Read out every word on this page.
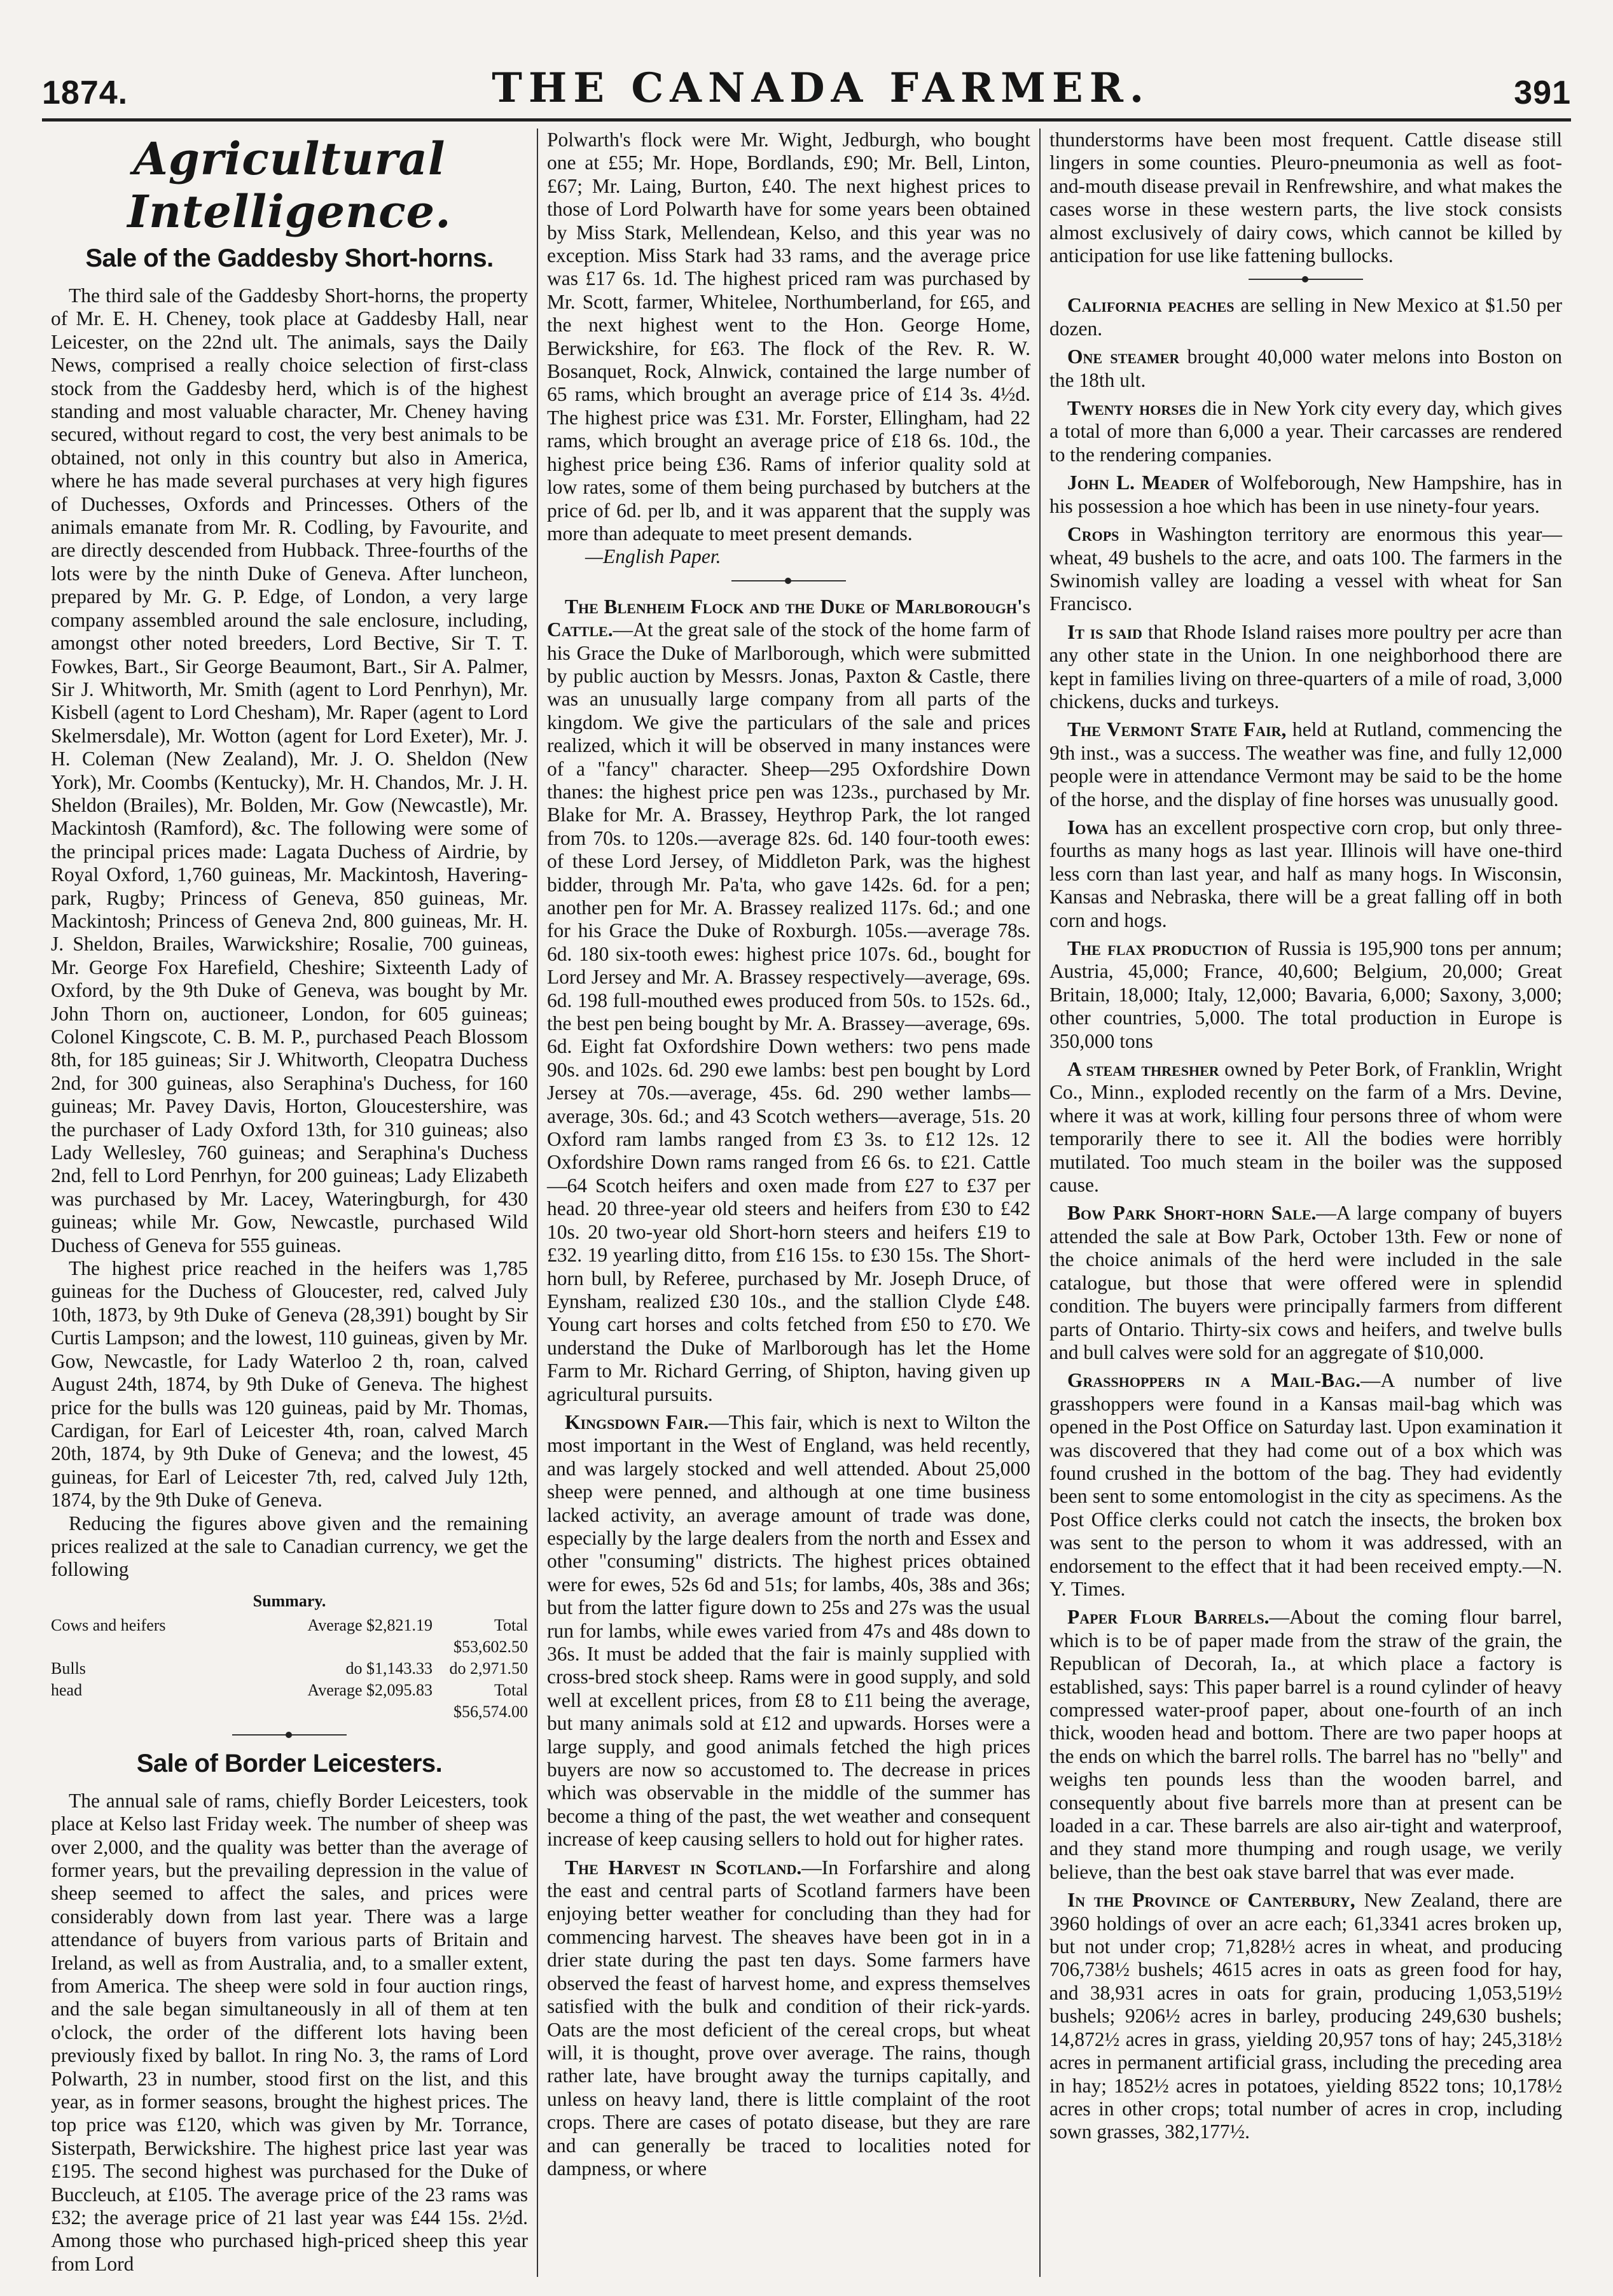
1874.	THE CANADA FARMER.	391
Agricultural Intelligence.
Sale of the Gaddesby Short-horns.

The third sale of the Gaddesby Short-horns, the property of Mr. E. H. Cheney, took place at Gaddesby Hall, near Leicester, on the 22nd ult. The animals, says the Daily News, comprised a really choice selection of first-class stock from the Gaddesby herd, which is of the highest standing and most valuable character, Mr. Cheney having secured, without regard to cost, the very best animals to be obtained, not only in this country but also in America, where he has made several purchases at very high figures of Duchesses, Oxfords and Princesses. Others of the animals emanate from Mr. R. Codling, by Favourite, and are directly descended from Hubback. Three-fourths of the lots were by the ninth Duke of Geneva. After luncheon, prepared by Mr. G. P. Edge, of London, a very large company assembled around the sale enclosure, including, amongst other noted breeders, Lord Bective, Sir T. T. Fowkes, Bart., Sir George Beaumont, Bart., Sir A. Palmer, Sir J. Whitworth, Mr. Smith (agent to Lord Penrhyn), Mr. Kisbell (agent to Lord Chesham), Mr. Raper (agent to Lord Skelmersdale), Mr. Wotton (agent for Lord Exeter), Mr. J. H. Coleman (New Zealand), Mr. J. O. Sheldon (New York), Mr. Coombs (Kentucky), Mr. H. Chandos, Mr. J. H. Sheldon (Brailes), Mr. Bolden, Mr. Gow (Newcastle), Mr. Mackintosh (Ramford), &c. The following were some of the principal prices made: Lagata Duchess of Airdrie, by Royal Oxford, 1,760 guineas, Mr. Mackintosh, Havering-park, Rugby; Princess of Geneva, 850 guineas, Mr. Mackintosh; Princess of Geneva 2nd, 800 guineas, Mr. H. J. Sheldon, Brailes, Warwickshire; Rosalie, 700 guineas, Mr. George Fox Harefield, Cheshire; Sixteenth Lady of Oxford, by the 9th Duke of Geneva, was bought by Mr. John Thorn on, auctioneer, London, for 605 guineas; Colonel Kingscote, C. B. M. P., purchased Peach Blossom 8th, for 185 guineas; Sir J. Whitworth, Cleopatra Duchess 2nd, for 300 guineas, also Seraphina's Duchess, for 160 guineas; Mr. Pavey Davis, Horton, Gloucestershire, was the purchaser of Lady Oxford 13th, for 310 guineas; also Lady Wellesley, 760 guineas; and Seraphina's Duchess 2nd, fell to Lord Penrhyn, for 200 guineas; Lady Elizabeth was purchased by Mr. Lacey, Wateringburgh, for 430 guineas; while Mr. Gow, Newcastle, purchased Wild Duchess of Geneva for 555 guineas.

The highest price reached in the heifers was 1,785 guineas for the Duchess of Gloucester, red, calved July 10th, 1873, by 9th Duke of Geneva (28,391) bought by Sir Curtis Lampson; and the lowest, 110 guineas, given by Mr. Gow, Newcastle, for Lady Waterloo 2 th, roan, calved August 24th, 1874, by 9th Duke of Geneva. The highest price for the bulls was 120 guineas, paid by Mr. Thomas, Cardigan, for Earl of Leicester 4th, roan, calved March 20th, 1874, by 9th Duke of Geneva; and the lowest, 45 guineas, for Earl of Leicester 7th, red, calved July 12th, 1874, by the 9th Duke of Geneva.

Reducing the figures above given and the remaining prices realized at the sale to Canadian currency, we get the following

Summary.
Cows and heifers	Average $2,821.19	Total $53,602.50
Bulls	do $1,143.33	do 2,971.50
head	Average $2,095.83	Total $56,574.00
Sale of Border Leicesters.

The annual sale of rams, chiefly Border Leicesters, took place at Kelso last Friday week. The number of sheep was over 2,000, and the quality was better than the average of former years, but the prevailing depression in the value of sheep seemed to affect the sales, and prices were considerably down from last year. There was a large attendance of buyers from various parts of Britain and Ireland, as well as from Australia, and, to a smaller extent, from America. The sheep were sold in four auction rings, and the sale began simultaneously in all of them at ten o'clock, the order of the different lots having been previously fixed by ballot. In ring No. 3, the rams of Lord Polwarth, 23 in number, stood first on the list, and this year, as in former seasons, brought the highest prices. The top price was £120, which was given by Mr. Torrance, Sisterpath, Berwickshire. The highest price last year was £195. The second highest was purchased for the Duke of Buccleuch, at £105. The average price of the 23 rams was £32; the average price of 21 last year was £44 15s. 2½d. Among those who purchased high-priced sheep this year from Lord

Polwarth's flock were Mr. Wight, Jedburgh, who bought one at £55; Mr. Hope, Bordlands, £90; Mr. Bell, Linton, £67; Mr. Laing, Burton, £40. The next highest prices to those of Lord Polwarth have for some years been obtained by Miss Stark, Mellendean, Kelso, and this year was no exception. Miss Stark had 33 rams, and the average price was £17 6s. 1d. The highest priced ram was purchased by Mr. Scott, farmer, Whitelee, Northumberland, for £65, and the next highest went to the Hon. George Home, Berwickshire, for £63. The flock of the Rev. R. W. Bosanquet, Rock, Alnwick, contained the large number of 65 rams, which brought an average price of £14 3s. 4½d. The highest price was £31. Mr. Forster, Ellingham, had 22 rams, which brought an average price of £18 6s. 10d., the highest price being £36. Rams of inferior quality sold at low rates, some of them being purchased by butchers at the price of 6d. per lb, and it was apparent that the supply was more than adequate to meet present demands.

—English Paper.

The Blenheim Flock and the Duke of Marlborough's Cattle.—At the great sale of the stock of the home farm of his Grace the Duke of Marlborough, which were submitted by public auction by Messrs. Jonas, Paxton & Castle, there was an unusually large company from all parts of the kingdom. We give the particulars of the sale and prices realized, which it will be observed in many instances were of a "fancy" character. Sheep—295 Oxfordshire Down thanes: the highest price pen was 123s., purchased by Mr. Blake for Mr. A. Brassey, Heythrop Park, the lot ranged from 70s. to 120s.—average 82s. 6d. 140 four-tooth ewes: of these Lord Jersey, of Middleton Park, was the highest bidder, through Mr. Pa'ta, who gave 142s. 6d. for a pen; another pen for Mr. A. Brassey realized 117s. 6d.; and one for his Grace the Duke of Roxburgh. 105s.—average 78s. 6d. 180 six-tooth ewes: highest price 107s. 6d., bought for Lord Jersey and Mr. A. Brassey respectively—average, 69s. 6d. 198 full-mouthed ewes produced from 50s. to 152s. 6d., the best pen being bought by Mr. A. Brassey—average, 69s. 6d. Eight fat Oxfordshire Down wethers: two pens made 90s. and 102s. 6d. 290 ewe lambs: best pen bought by Lord Jersey at 70s.—average, 45s. 6d. 290 wether lambs—average, 30s. 6d.; and 43 Scotch wethers—average, 51s. 20 Oxford ram lambs ranged from £3 3s. to £12 12s. 12 Oxfordshire Down rams ranged from £6 6s. to £21. Cattle—64 Scotch heifers and oxen made from £27 to £37 per head. 20 three-year old steers and heifers from £30 to £42 10s. 20 two-year old Short-horn steers and heifers £19 to £32. 19 yearling ditto, from £16 15s. to £30 15s. The Short-horn bull, by Referee, purchased by Mr. Joseph Druce, of Eynsham, realized £30 10s., and the stallion Clyde £48. Young cart horses and colts fetched from £50 to £70. We understand the Duke of Marlborough has let the Home Farm to Mr. Richard Gerring, of Shipton, having given up agricultural pursuits.

Kingsdown Fair.—This fair, which is next to Wilton the most important in the West of England, was held recently, and was largely stocked and well attended. About 25,000 sheep were penned, and although at one time business lacked activity, an average amount of trade was done, especially by the large dealers from the north and Essex and other "consuming" districts. The highest prices obtained were for ewes, 52s 6d and 51s; for lambs, 40s, 38s and 36s; but from the latter figure down to 25s and 27s was the usual run for lambs, while ewes varied from 47s and 48s down to 36s. It must be added that the fair is mainly supplied with cross-bred stock sheep. Rams were in good supply, and sold well at excellent prices, from £8 to £11 being the average, but many animals sold at £12 and upwards. Horses were a large supply, and good animals fetched the high prices buyers are now so accustomed to. The decrease in prices which was observable in the middle of the summer has become a thing of the past, the wet weather and consequent increase of keep causing sellers to hold out for higher rates.

The Harvest in Scotland.—In Forfarshire and along the east and central parts of Scotland farmers have been enjoying better weather for concluding than they had for commencing harvest. The sheaves have been got in in a drier state during the past ten days. Some farmers have observed the feast of harvest home, and express themselves satisfied with the bulk and condition of their rick-yards. Oats are the most deficient of the cereal crops, but wheat will, it is thought, prove over average. The rains, though rather late, have brought away the turnips capitally, and unless on heavy land, there is little complaint of the root crops. There are cases of potato disease, but they are rare and can generally be traced to localities noted for dampness, or where

thunderstorms have been most frequent. Cattle disease still lingers in some counties. Pleuro-pneumonia as well as foot-and-mouth disease prevail in Renfrewshire, and what makes the cases worse in these western parts, the live stock consists almost exclusively of dairy cows, which cannot be killed by anticipation for use like fattening bullocks.

California peaches are selling in New Mexico at $1.50 per dozen.

One steamer brought 40,000 water melons into Boston on the 18th ult.

Twenty horses die in New York city every day, which gives a total of more than 6,000 a year. Their carcasses are rendered to the rendering companies.

John L. Meader of Wolfeborough, New Hampshire, has in his possession a hoe which has been in use ninety-four years.

Crops in Washington territory are enormous this year—wheat, 49 bushels to the acre, and oats 100. The farmers in the Swinomish valley are loading a vessel with wheat for San Francisco.

It is said that Rhode Island raises more poultry per acre than any other state in the Union. In one neighborhood there are kept in families living on three-quarters of a mile of road, 3,000 chickens, ducks and turkeys.

The Vermont State Fair, held at Rutland, commencing the 9th inst., was a success. The weather was fine, and fully 12,000 people were in attendance Vermont may be said to be the home of the horse, and the display of fine horses was unusually good.

Iowa has an excellent prospective corn crop, but only three-fourths as many hogs as last year. Illinois will have one-third less corn than last year, and half as many hogs. In Wisconsin, Kansas and Nebraska, there will be a great falling off in both corn and hogs.

The flax production of Russia is 195,900 tons per annum; Austria, 45,000; France, 40,600; Belgium, 20,000; Great Britain, 18,000; Italy, 12,000; Bavaria, 6,000; Saxony, 3,000; other countries, 5,000. The total production in Europe is 350,000 tons

A steam thresher owned by Peter Bork, of Franklin, Wright Co., Minn., exploded recently on the farm of a Mrs. Devine, where it was at work, killing four persons three of whom were temporarily there to see it. All the bodies were horribly mutilated. Too much steam in the boiler was the supposed cause.

Bow Park Short-horn Sale.—A large company of buyers attended the sale at Bow Park, October 13th. Few or none of the choice animals of the herd were included in the sale catalogue, but those that were offered were in splendid condition. The buyers were principally farmers from different parts of Ontario. Thirty-six cows and heifers, and twelve bulls and bull calves were sold for an aggregate of $10,000.

Grasshoppers in a Mail-Bag.—A number of live grasshoppers were found in a Kansas mail-bag which was opened in the Post Office on Saturday last. Upon examination it was discovered that they had come out of a box which was found crushed in the bottom of the bag. They had evidently been sent to some entomologist in the city as specimens. As the Post Office clerks could not catch the insects, the broken box was sent to the person to whom it was addressed, with an endorsement to the effect that it had been received empty.—N. Y. Times.

Paper Flour Barrels.—About the coming flour barrel, which is to be of paper made from the straw of the grain, the Republican of Decorah, Ia., at which place a factory is established, says: This paper barrel is a round cylinder of heavy compressed water-proof paper, about one-fourth of an inch thick, wooden head and bottom. There are two paper hoops at the ends on which the barrel rolls. The barrel has no "belly" and weighs ten pounds less than the wooden barrel, and consequently about five barrels more than at present can be loaded in a car. These barrels are also air-tight and waterproof, and they stand more thumping and rough usage, we verily believe, than the best oak stave barrel that was ever made.

In the Province of Canterbury, New Zealand, there are 3960 holdings of over an acre each; 61,3341 acres broken up, but not under crop; 71,828½ acres in wheat, and producing 706,738½ bushels; 4615 acres in oats as green food for hay, and 38,931 acres in oats for grain, producing 1,053,519½ bushels; 9206½ acres in barley, producing 249,630 bushels; 14,872½ acres in grass, yielding 20,957 tons of hay; 245,318½ acres in permanent artificial grass, including the preceding area in hay; 1852½ acres in potatoes, yielding 8522 tons; 10,178½ acres in other crops; total number of acres in crop, including sown grasses, 382,177½.
